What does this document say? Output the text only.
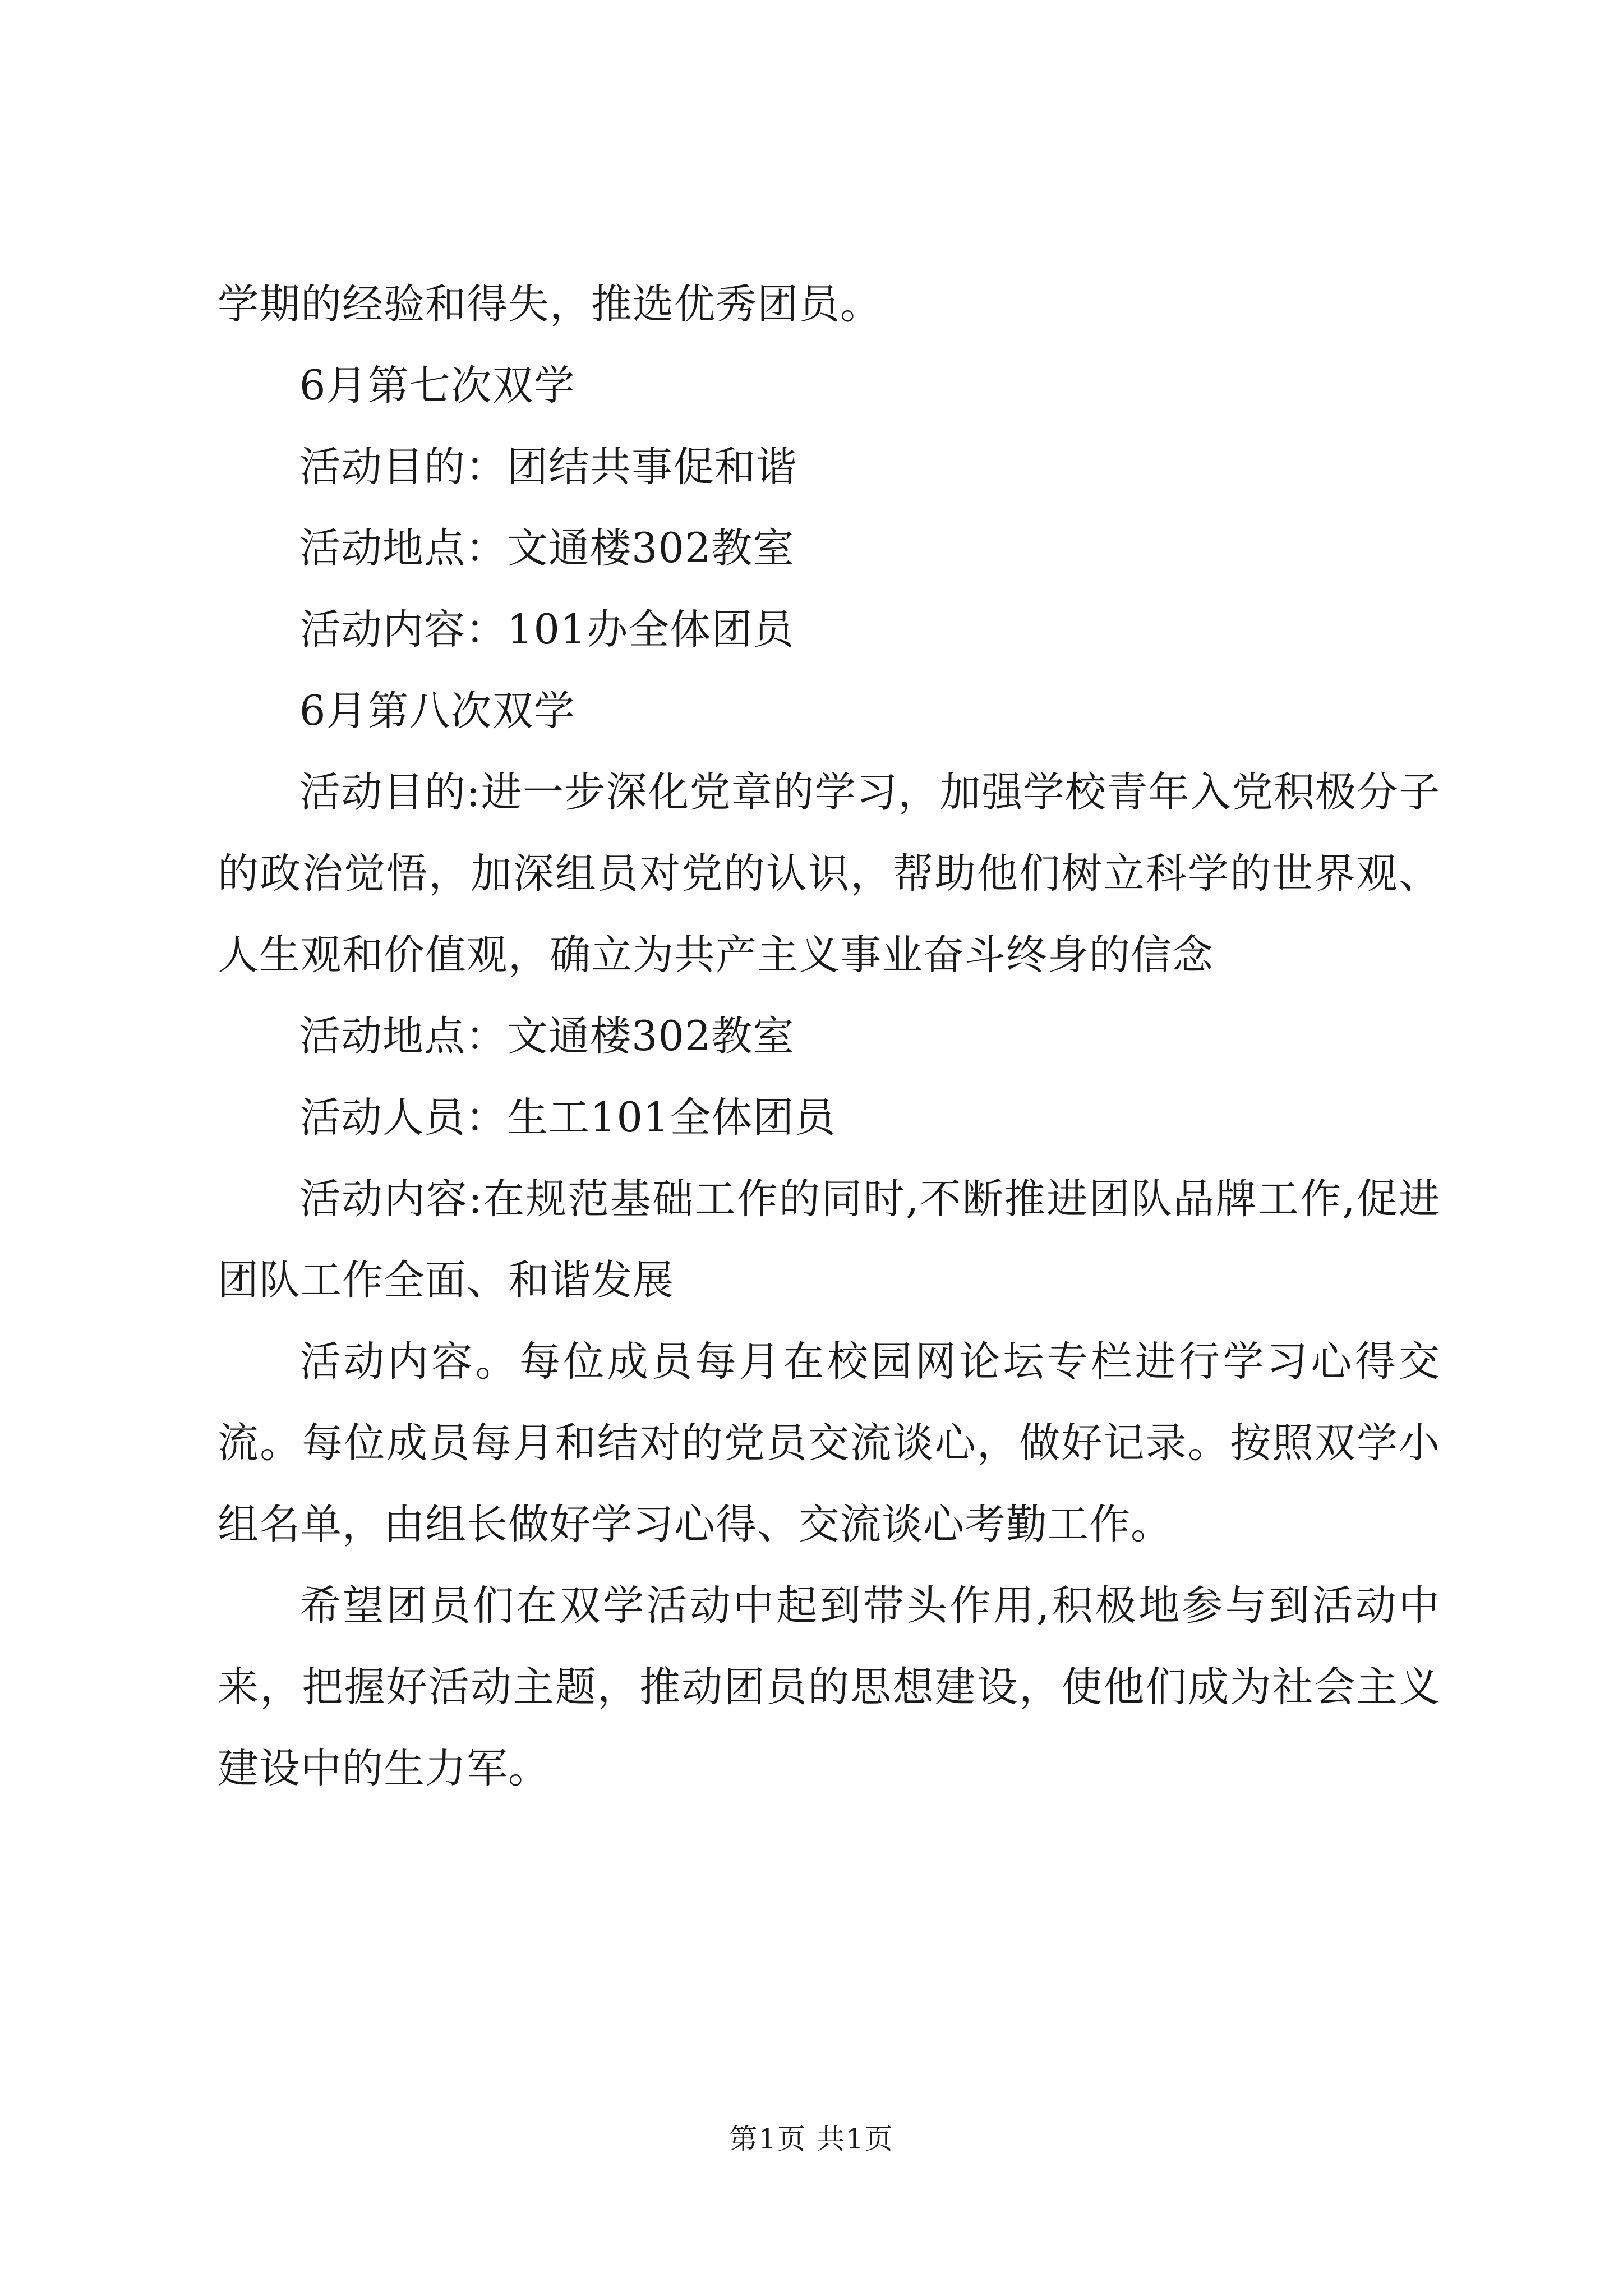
学期的经验和得失，推选优秀团员。

6月第七次双学

活动目的：团结共事促和谐

活动地点：文通楼302教室

活动内容：101办全体团员

6月第八次双学

活动目的:进一步深化党章的学习，加强学校青年入党积极分子的政治觉悟，加深组员对党的认识，帮助他们树立科学的世界观、人生观和价值观，确立为共产主义事业奋斗终身的信念

活动地点：文通楼302教室

活动人员：生工101全体团员

活动内容:在规范基础工作的同时,不断推进团队品牌工作,促进团队工作全面、和谐发展

活动内容。每位成员每月在校园网论坛专栏进行学习心得交流。每位成员每月和结对的党员交流谈心，做好记录。按照双学小组名单，由组长做好学习心得、交流谈心考勤工作。

希望团员们在双学活动中起到带头作用,积极地参与到活动中来，把握好活动主题，推动团员的思想建设，使他们成为社会主义建设中的生力军。

第1页 共1页
